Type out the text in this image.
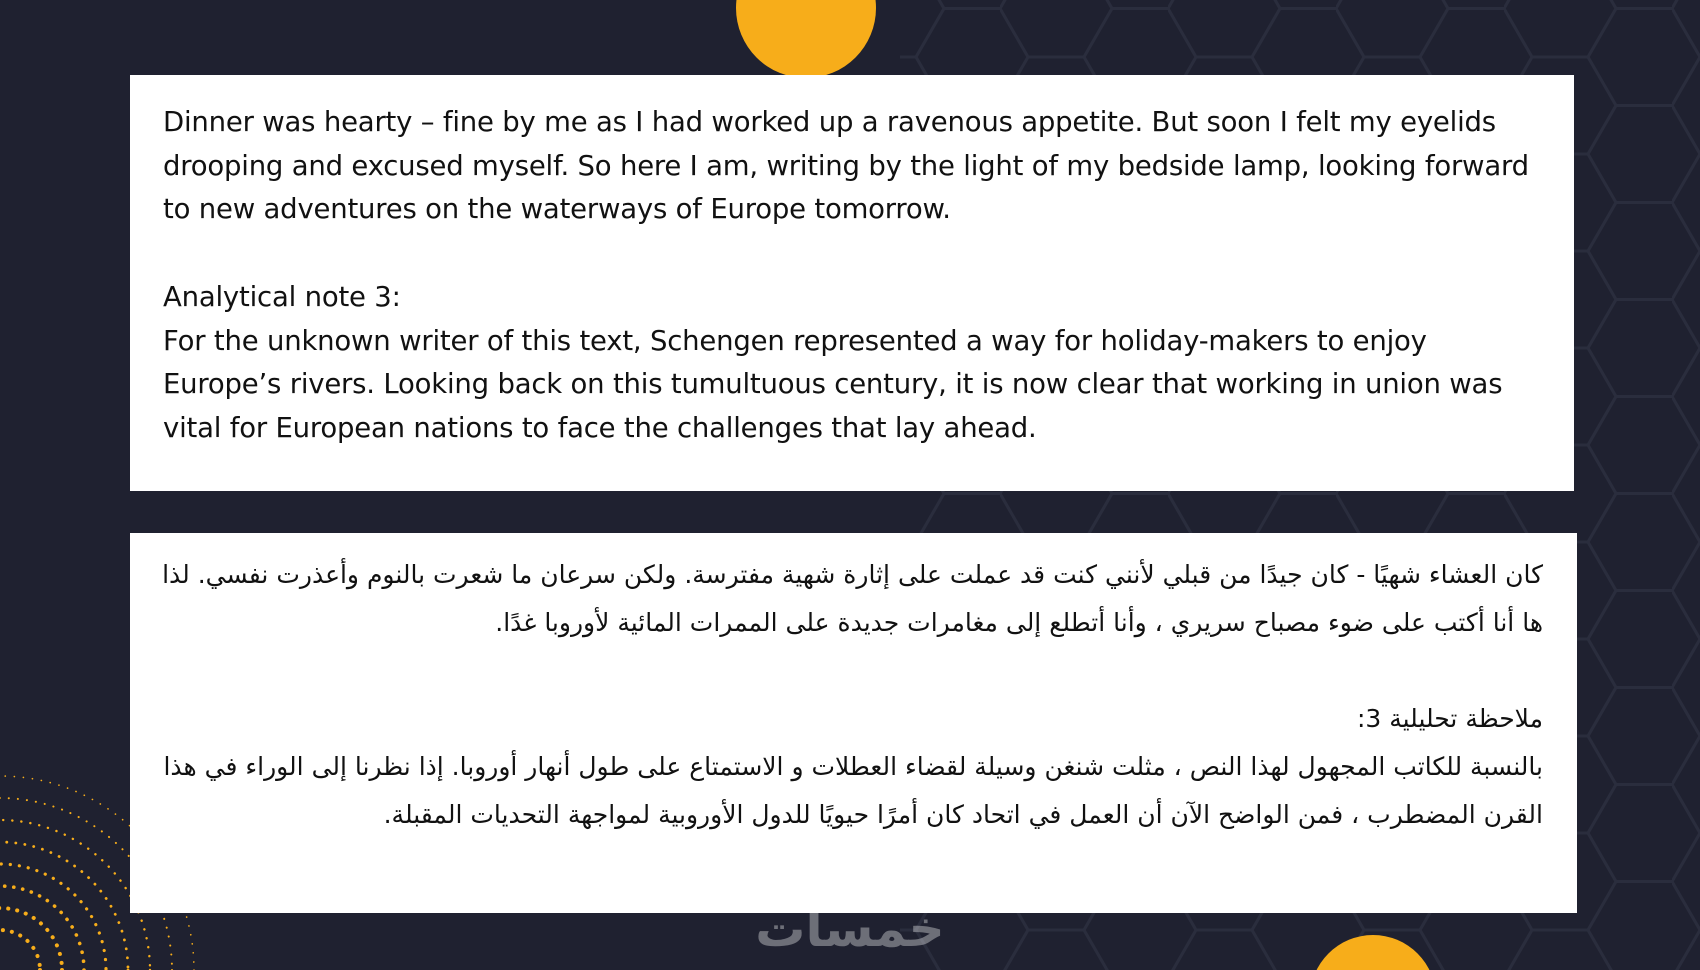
Dinner was hearty – fine by me as I had worked up a ravenous appetite. But soon I felt my eyelids drooping and excused myself. So here I am, writing by the light of my bedside lamp, looking forward to new adventures on the waterways of Europe tomorrow.

Analytical note 3:
For the unknown writer of this text, Schengen represented a way for holiday-makers to enjoy Europe’s rivers. Looking back on this tumultuous century, it is now clear that working in union was vital for European nations to face the challenges that lay ahead.

كان العشاء شهيًا - كان جيدًا من قبلي لأنني كنت قد عملت على إثارة شهية مفترسة. ولكن سرعان ما شعرت بالنوم وأعذرت نفسي. لذا ها أنا أكتب على ضوء مصباح سريري ، وأنا أتطلع إلى مغامرات جديدة على الممرات المائية لأوروبا غدًا.

ملاحظة تحليلية 3:
بالنسبة للكاتب المجهول لهذا النص ، مثلت شنغن وسيلة لقضاء العطلات و الاستمتاع على طول أنهار أوروبا. إذا نظرنا إلى الوراء في هذا القرن المضطرب ، فمن الواضح الآن أن العمل في اتحاد كان أمرًا حيويًا للدول الأوروبية لمواجهة التحديات المقبلة.

خمسات
